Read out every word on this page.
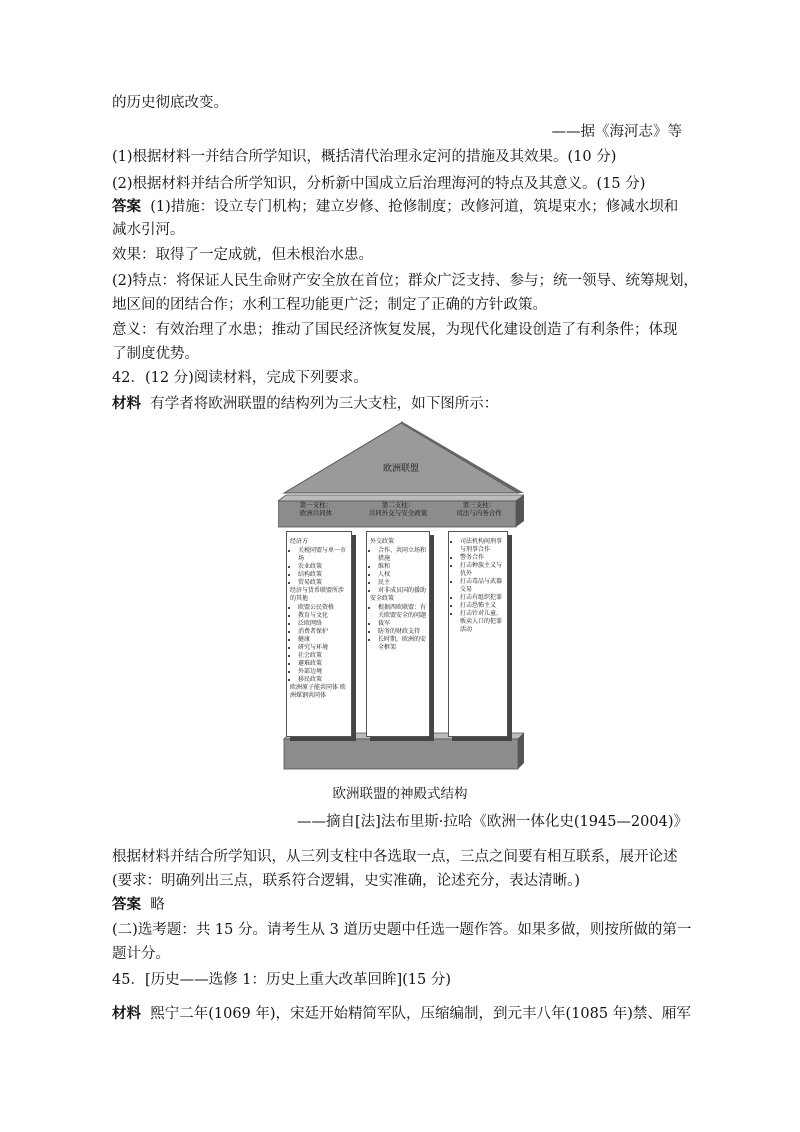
的历史彻底改变。
——据《海河志》等
(1)根据材料一并结合所学知识，概括清代治理永定河的措施及其效果。(10 分)
(2)根据材料并结合所学知识，分析新中国成立后治理海河的特点及其意义。(15 分)
答案 (1)措施：设立专门机构；建立岁修、抢修制度；改修河道，筑堤束水；修减水坝和
减水引河。
效果：取得了一定成就，但未根治水患。
(2)特点：将保证人民生命财产安全放在首位；群众广泛支持、参与；统一领导、统筹规划，
地区间的团结合作；水利工程功能更广泛；制定了正确的方针政策。
意义：有效治理了水患；推动了国民经济恢复发展，为现代化建设创造了有利条件；体现
了制度优势。
42．(12 分)阅读材料，完成下列要求。
材料 有学者将欧洲联盟的结构列为三大支柱，如下图所示：
欧洲联盟
第一支柱：
欧洲共同体
第二支柱：
共同外交与安全政策
第三支柱：
司法与内务合作
经济方
• 关税同盟与单一市场
• 农业政策
• 结构政策
• 贸易政策
经济与货币联盟所涉的其他
• 欧盟公民资格
• 教育与文化
• 泛欧网络
• 消费者保护
• 健康
• 研究与环境
• 社会政策
• 避难政策
• 外部边境
• 移民政策
欧洲原子能共同体 欧洲煤钢共同体
外交政策
• 合作、共同立场和措施
• 维和
• 人权
• 民主
• 对非成员国的援助
安全政策
• 根据西欧联盟：有关欧盟安全的问题
• 裁军
• 防务的财政支持
• 长时期，欧洲的安全框架
• 司法机构间刑事与刑事合作
• 警务合作
• 打击种族主义与仇外
• 打击毒品与武器交易
• 打击有组织犯罪
• 打击恐怖主义
• 打击针对儿童、贩卖人口的犯罪活动
欧洲联盟的神殿式结构
——摘自[法]法布里斯·拉哈《欧洲一体化史(1945—2004)》
根据材料并结合所学知识，从三列支柱中各选取一点，三点之间要有相互联系，展开论述
(要求：明确列出三点，联系符合逻辑，史实准确，论述充分，表达清晰。)
答案 略
(二)选考题：共 15 分。请考生从 3 道历史题中任选一题作答。如果多做，则按所做的第一
题计分。
45．[历史——选修 1：历史上重大改革回眸](15 分)
材料 熙宁二年(1069 年)，宋廷开始精简军队，压缩编制，到元丰八年(1085 年)禁、厢军
